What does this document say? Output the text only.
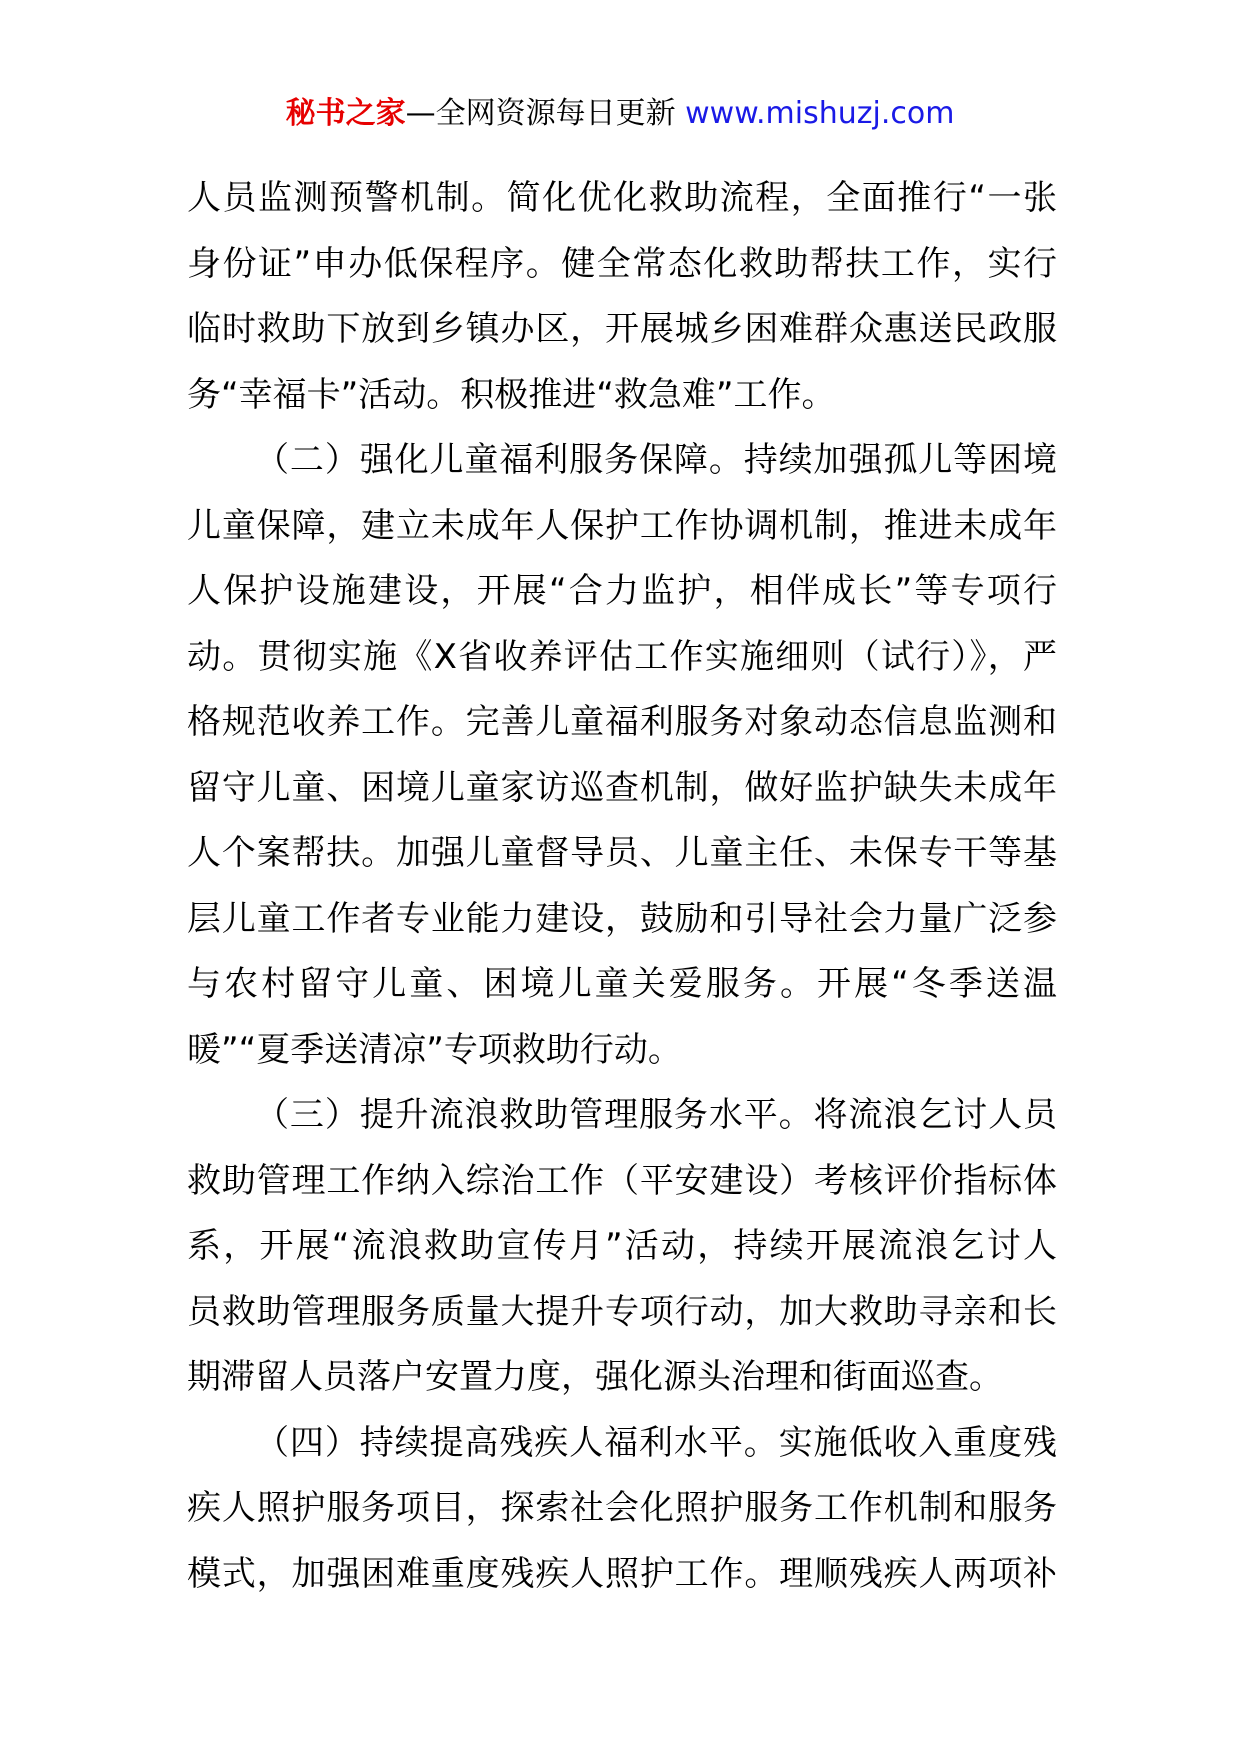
秘书之家—全网资源每日更新 www.mishuzj.com
人员监测预警机制。简化优化救助流程，全面推行“一张
身份证”申办低保程序。健全常态化救助帮扶工作，实行
临时救助下放到乡镇办区，开展城乡困难群众惠送民政服
务“幸福卡”活动。积极推进“救急难”工作。
（二）强化儿童福利服务保障。持续加强孤儿等困境
儿童保障，建立未成年人保护工作协调机制，推进未成年
人保护设施建设，开展“合力监护，相伴成长”等专项行
动。贯彻实施《X省收养评估工作实施细则（试行）》，严
格规范收养工作。完善儿童福利服务对象动态信息监测和
留守儿童、困境儿童家访巡查机制，做好监护缺失未成年
人个案帮扶。加强儿童督导员、儿童主任、未保专干等基
层儿童工作者专业能力建设，鼓励和引导社会力量广泛参
与农村留守儿童、困境儿童关爱服务。开展“冬季送温
暖”“夏季送清凉”专项救助行动。
（三）提升流浪救助管理服务水平。将流浪乞讨人员
救助管理工作纳入综治工作（平安建设）考核评价指标体
系，开展“流浪救助宣传月”活动，持续开展流浪乞讨人
员救助管理服务质量大提升专项行动，加大救助寻亲和长
期滞留人员落户安置力度，强化源头治理和街面巡查。
（四）持续提高残疾人福利水平。实施低收入重度残
疾人照护服务项目，探索社会化照护服务工作机制和服务
模式，加强困难重度残疾人照护工作。理顺残疾人两项补
